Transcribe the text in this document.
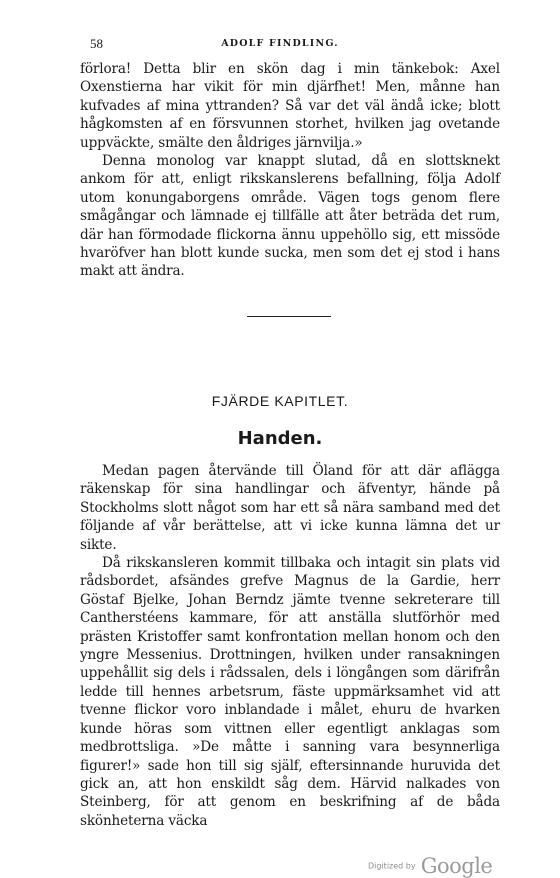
58	ADOLF FINDLING.

förlora! Detta blir en skön dag i min tänkebok: Axel Oxenstierna har vikit för min djärfhet! Men, månne han kufvades af mina yttranden? Så var det väl ändå icke; blott hågkomsten af en försvunnen storhet, hvilken jag ovetande uppväckte, smälte den åldriges järnvilja.»

Denna monolog var knappt slutad, då en slottsknekt ankom för att, enligt rikskanslerens befallning, följa Adolf utom konungaborgens område. Vägen togs genom flere smågångar och lämnade ej tillfälle att åter beträda det rum, där han förmodade flickorna ännu uppehöllo sig, ett missöde hvaröfver han blott kunde sucka, men som det ej stod i hans makt att ändra.

FJÄRDE KAPITLET.
Handen.

Medan pagen återvände till Öland för att där aflägga räkenskap för sina handlingar och äfventyr, hände på Stockholms slott något som har ett så nära samband med det följande af vår berättelse, att vi icke kunna lämna det ur sikte.

Då rikskansleren kommit tillbaka och intagit sin plats vid rådsbordet, afsändes grefve Magnus de la Gardie, herr Göstaf Bjelke, Johan Berndz jämte tvenne sekreterare till Cantherstéens kammare, för att anställa slutförhör med prästen Kristoffer samt konfrontation mellan honom och den yngre Messenius. Drottningen, hvilken under ransakningen uppehållit sig dels i rådssalen, dels i löngången som därifrån ledde till hennes arbetsrum, fäste uppmärksamhet vid att tvenne flickor voro inblandade i målet, ehuru de hvarken kunde höras som vittnen eller egentligt anklagas som medbrottsliga. »De måtte i sanning vara besynnerliga figurer!» sade hon till sig själf, eftersinnande huruvida det gick an, att hon enskildt såg dem. Härvid nalkades von Steinberg, för att genom en beskrifning af de båda skönheterna väcka

Digitized by Google
